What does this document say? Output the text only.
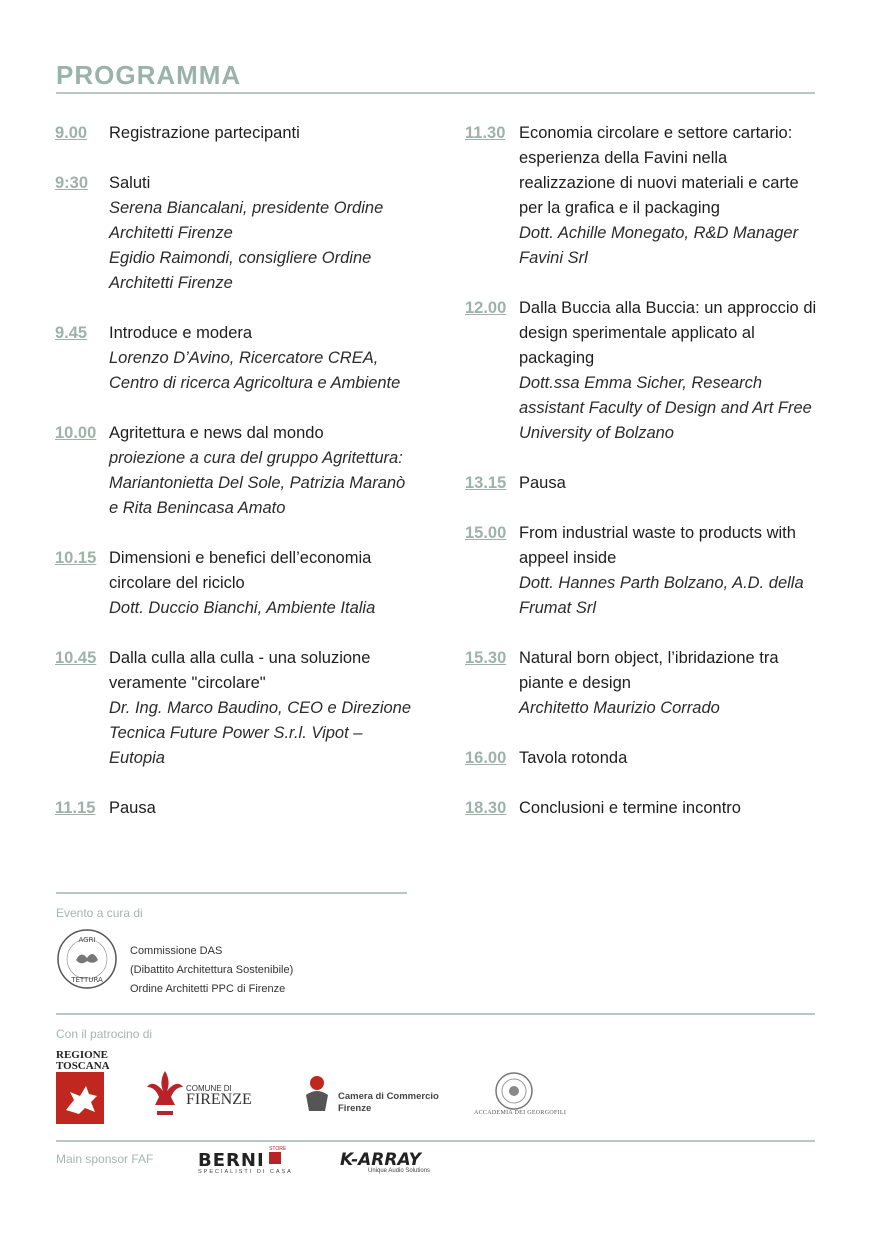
PROGRAMMA
9.00 Registrazione partecipanti
9:30 Saluti
Serena Biancalani, presidente Ordine Architetti Firenze
Egidio Raimondi, consigliere Ordine Architetti Firenze
9.45 Introduce e modera
Lorenzo D’Avino, Ricercatore CREA, Centro di ricerca Agricoltura e Ambiente
10.00 Agritettura e news dal mondo
proiezione a cura del gruppo Agritettura: Mariantonietta Del Sole, Patrizia Maranò e Rita Benincasa Amato
10.15 Dimensioni e benefici dell’economia circolare del riciclo
Dott. Duccio Bianchi, Ambiente Italia
10.45 Dalla culla alla culla - una soluzione veramente "circolare"
Dr. Ing. Marco Baudino, CEO e Direzione Tecnica Future Power S.r.l. Vipot – Eutopia
11.15 Pausa
11.30 Economia circolare e settore cartario: esperienza della Favini nella realizzazione di nuovi materiali e carte per la grafica e il packaging
Dott. Achille Monegato, R&D Manager Favini Srl
12.00 Dalla Buccia alla Buccia: un approccio di design sperimentale applicato al packaging
Dott.ssa Emma Sicher, Research assistant Faculty of Design and Art Free University of Bolzano
13.15 Pausa
15.00 From industrial waste to products with appeel inside
Dott. Hannes Parth Bolzano, A.D. della Frumat Srl
15.30 Natural born object, l’ibridazione tra piante e design
Architetto Maurizio Corrado
16.00 Tavola rotonda
18.30 Conclusioni e termine incontro
Evento a cura di
AGRI
TETTURA
Commissione DAS
(Dibattito Architettura Sostenibile)
Ordine Architetti PPC di Firenze
Con il patrocino di
REGIONE
TOSCANA
COMUNE DI
FIRENZE	Camera di Commercio
Firenze	ACCADEMIA DEI GEORGOFILI
Main sponsor FAF BERNI
STORE
SPECIALISTI DI CASA
K-ARRAY
Unique Audio Solutions
